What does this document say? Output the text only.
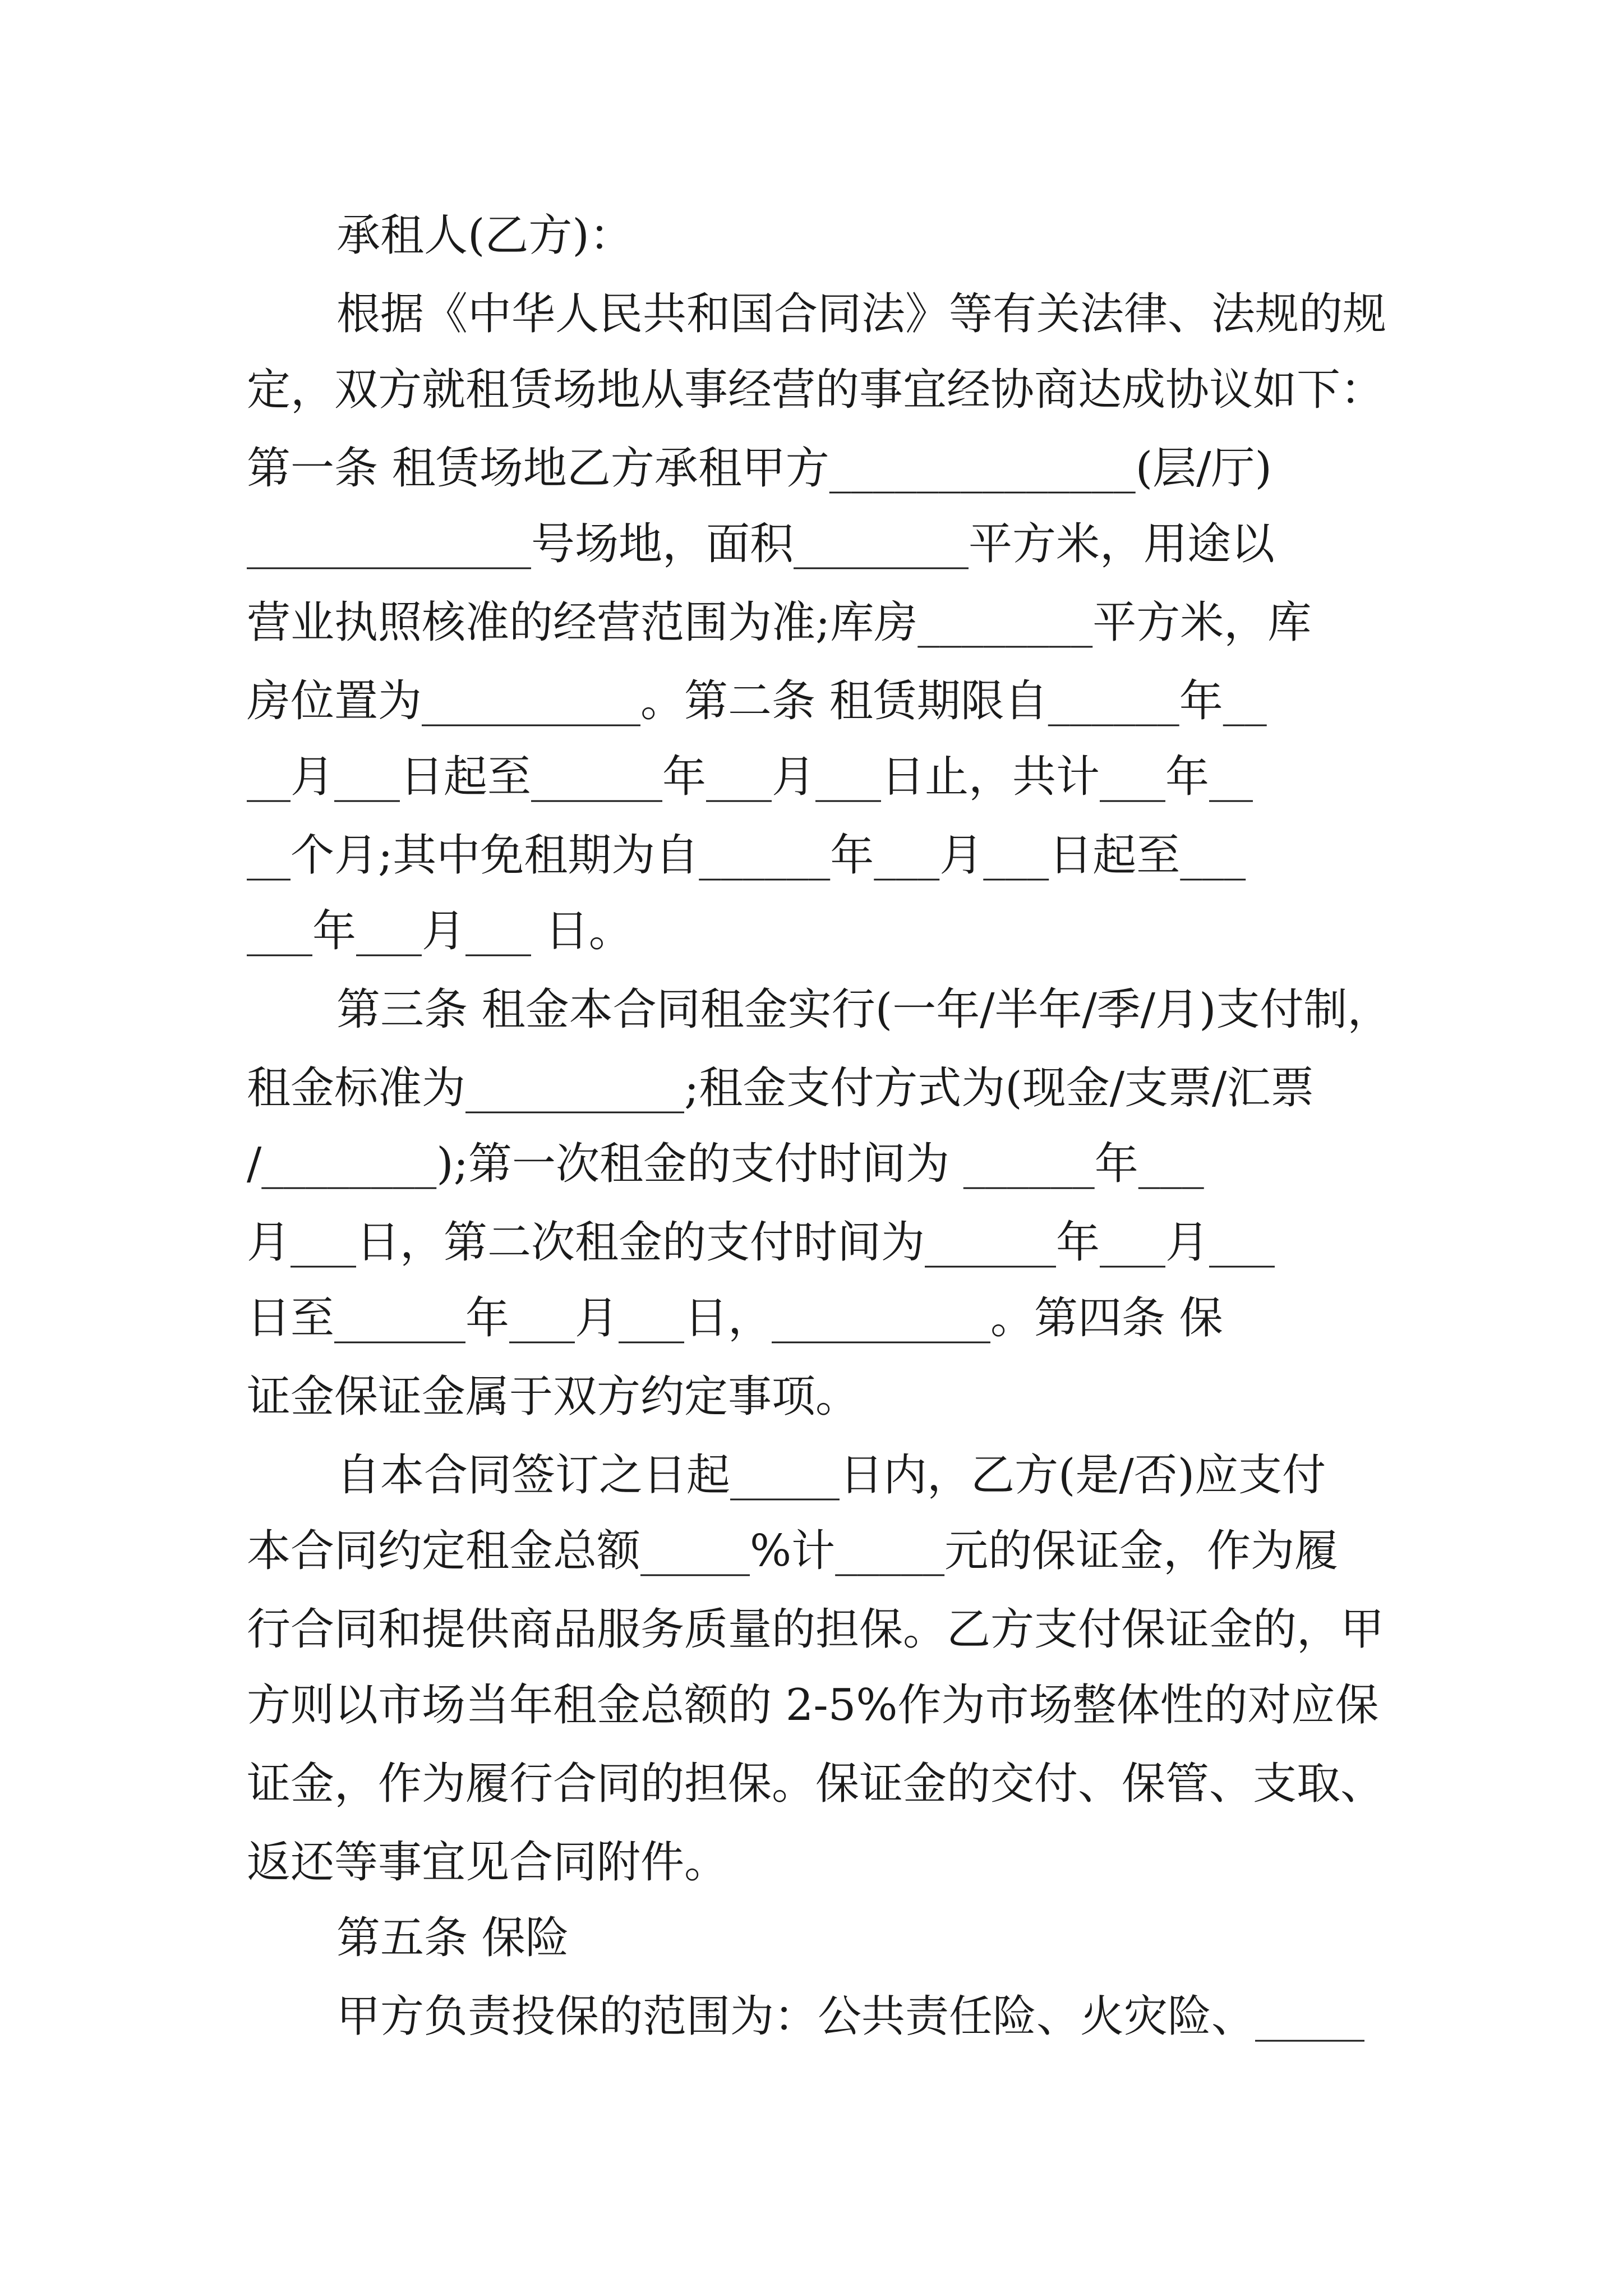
承租人(乙方)：
根据《中华人民共和国合同法》等有关法律、法规的规
定，双方就租赁场地从事经营的事宜经协商达成协议如下：
第一条 租赁场地乙方承租甲方______________(层/厅)
_____________号场地，面积________平方米，用途以
营业执照核准的经营范围为准;库房________平方米，库
房位置为__________。第二条 租赁期限自______年__
__月___日起至______年___月___日止，共计___年__
__个月;其中免租期为自______年___月___日起至___
___年___月___ 日。
第三条 租金本合同租金实行(一年/半年/季/月)支付制，
租金标准为__________;租金支付方式为(现金/支票/汇票
/________);第一次租金的支付时间为 ______年___
月___日，第二次租金的支付时间为______年___月___
日至______年___月___日，__________。第四条 保
证金保证金属于双方约定事项。
自本合同签订之日起_____日内，乙方(是/否)应支付
本合同约定租金总额_____%计_____元的保证金，作为履
行合同和提供商品服务质量的担保。乙方支付保证金的，甲
方则以市场当年租金总额的 2-5%作为市场整体性的对应保
证金，作为履行合同的担保。保证金的交付、保管、支取、
返还等事宜见合同附件。
第五条 保险
甲方负责投保的范围为：公共责任险、火灾险、_____
